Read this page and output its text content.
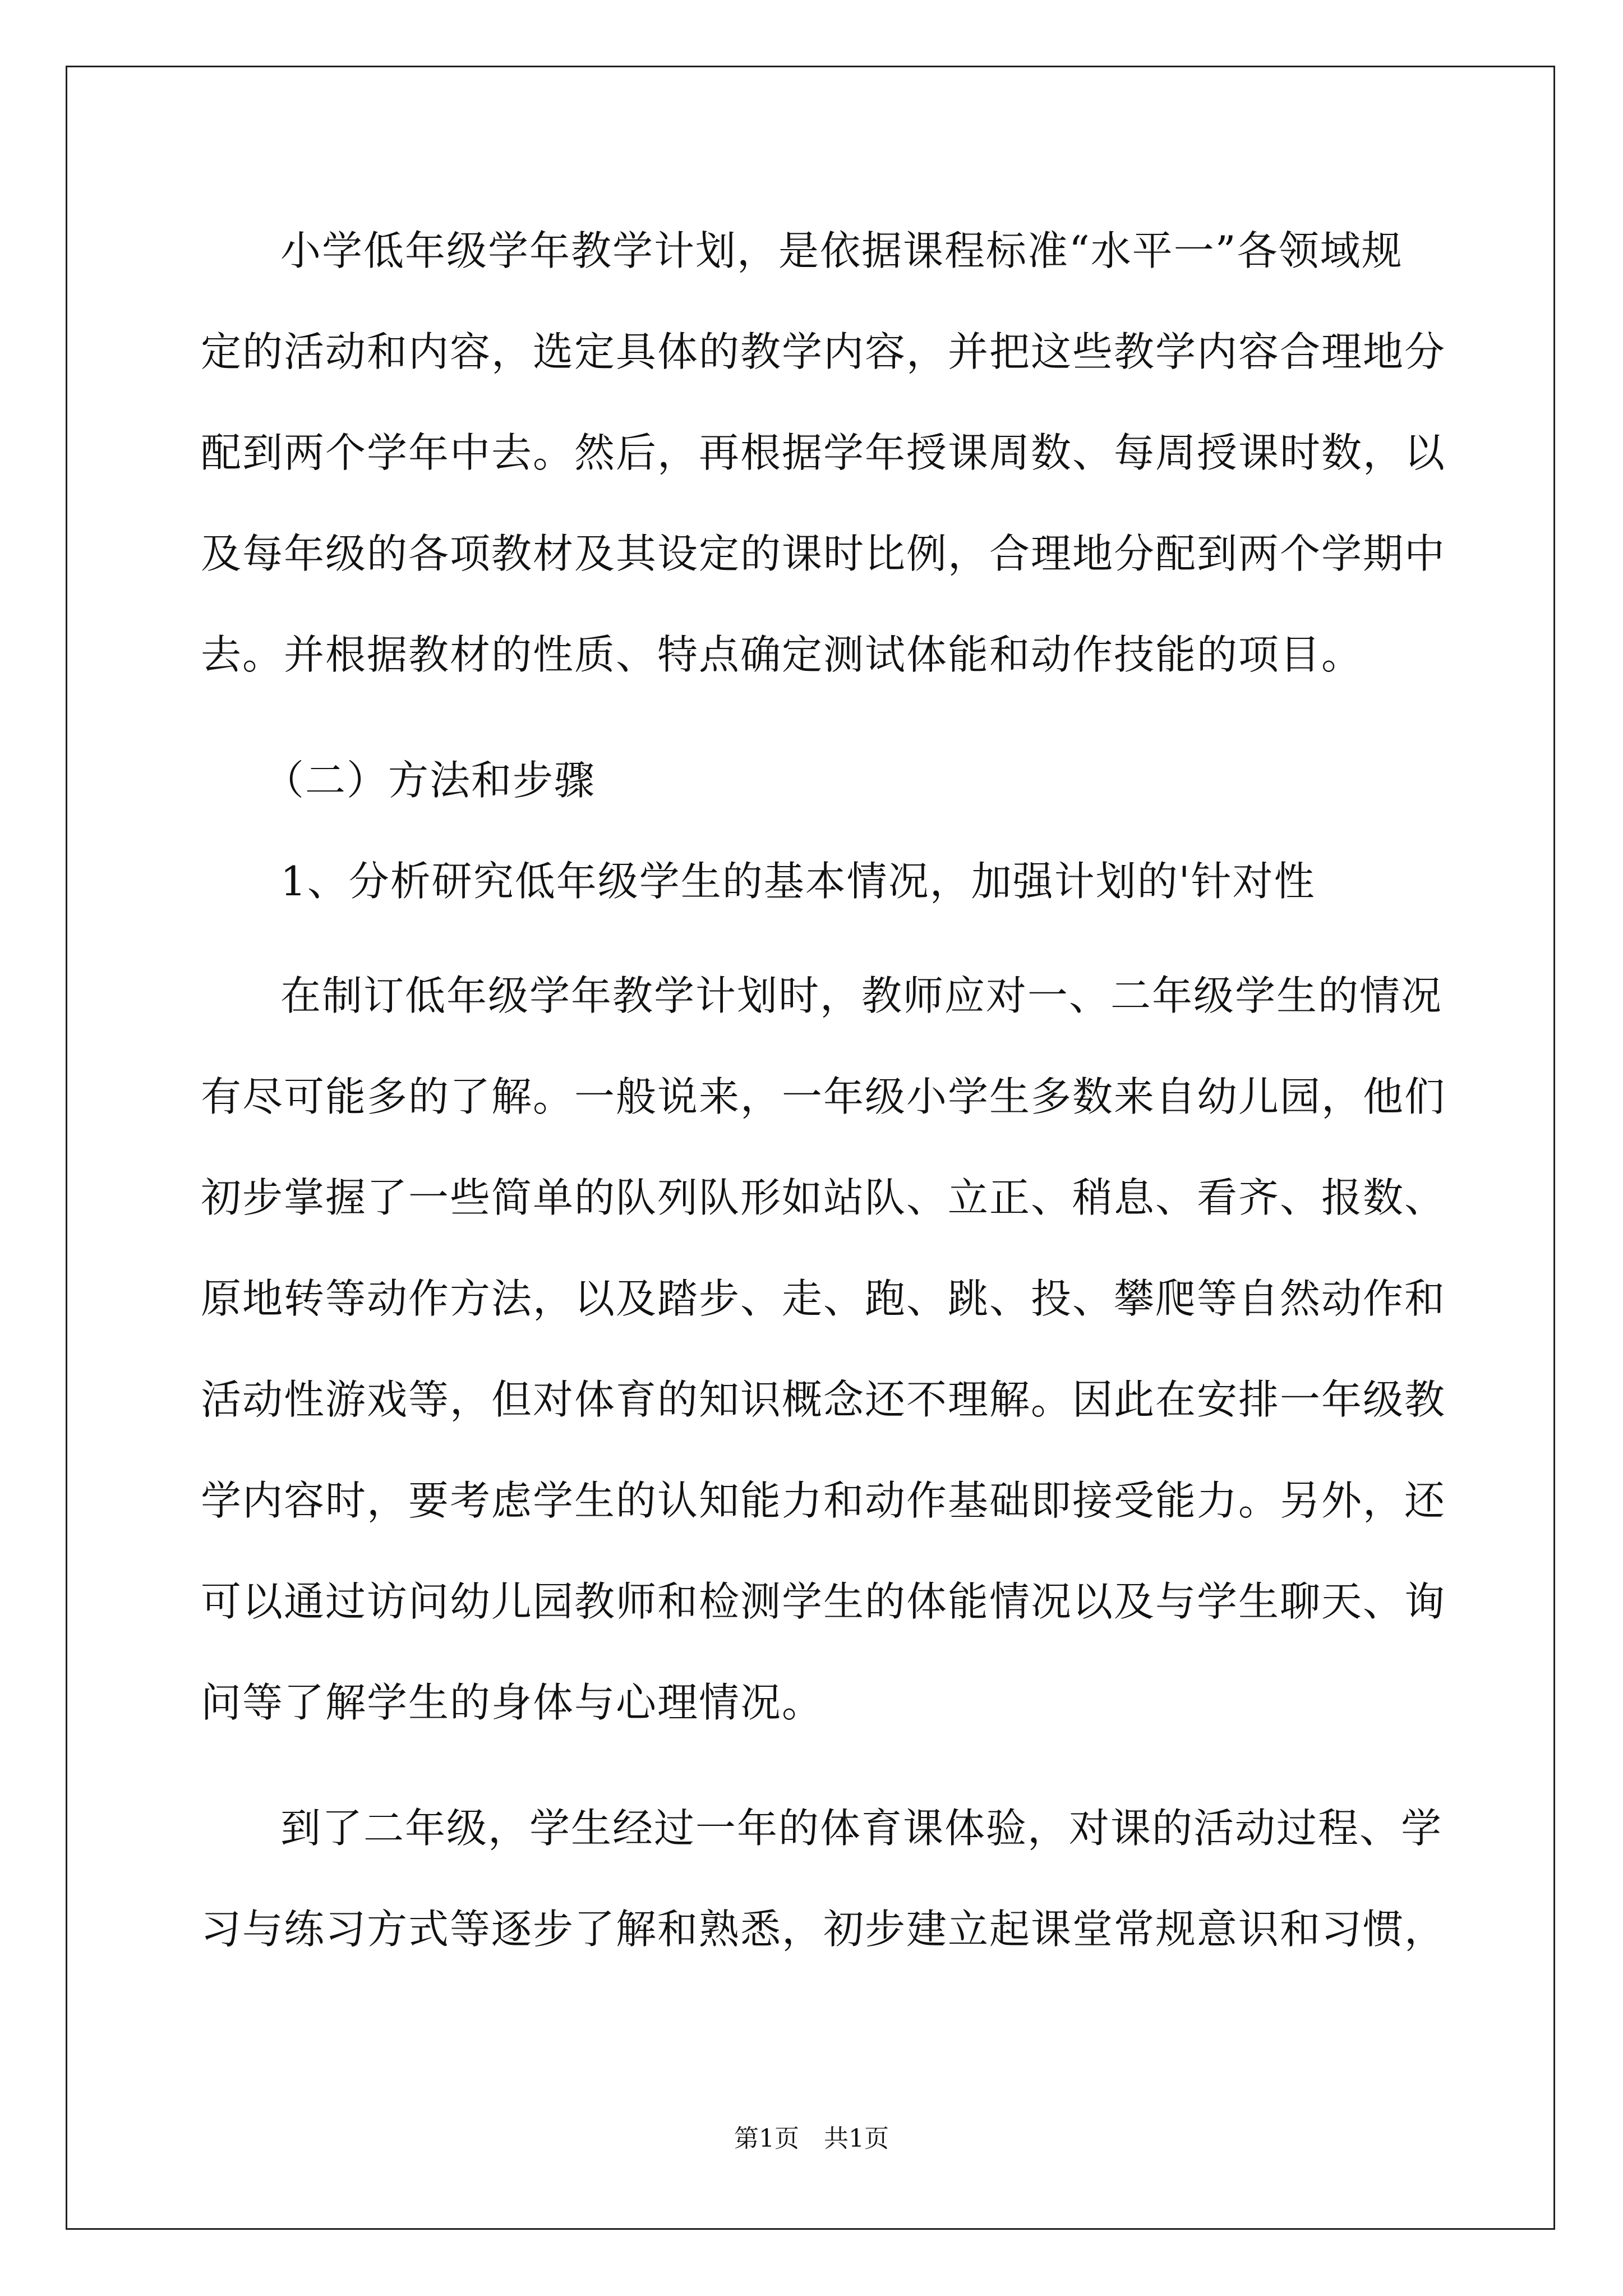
小学低年级学年教学计划，是依据课程标准“水平一”各领域规
定的活动和内容，选定具体的教学内容，并把这些教学内容合理地分
配到两个学年中去。然后，再根据学年授课周数、每周授课时数，以
及每年级的各项教材及其设定的课时比例，合理地分配到两个学期中
去。并根据教材的性质、特点确定测试体能和动作技能的项目。
（二）方法和步骤
1、分析研究低年级学生的基本情况，加强计划的'针对性
在制订低年级学年教学计划时，教师应对一、二年级学生的情况
有尽可能多的了解。一般说来，一年级小学生多数来自幼儿园，他们
初步掌握了一些简单的队列队形如站队、立正、稍息、看齐、报数、
原地转等动作方法，以及踏步、走、跑、跳、投、攀爬等自然动作和
活动性游戏等，但对体育的知识概念还不理解。因此在安排一年级教
学内容时，要考虑学生的认知能力和动作基础即接受能力。另外，还
可以通过访问幼儿园教师和检测学生的体能情况以及与学生聊天、询
问等了解学生的身体与心理情况。
到了二年级，学生经过一年的体育课体验，对课的活动过程、学
习与练习方式等逐步了解和熟悉，初步建立起课堂常规意识和习惯，
第1页　共1页
